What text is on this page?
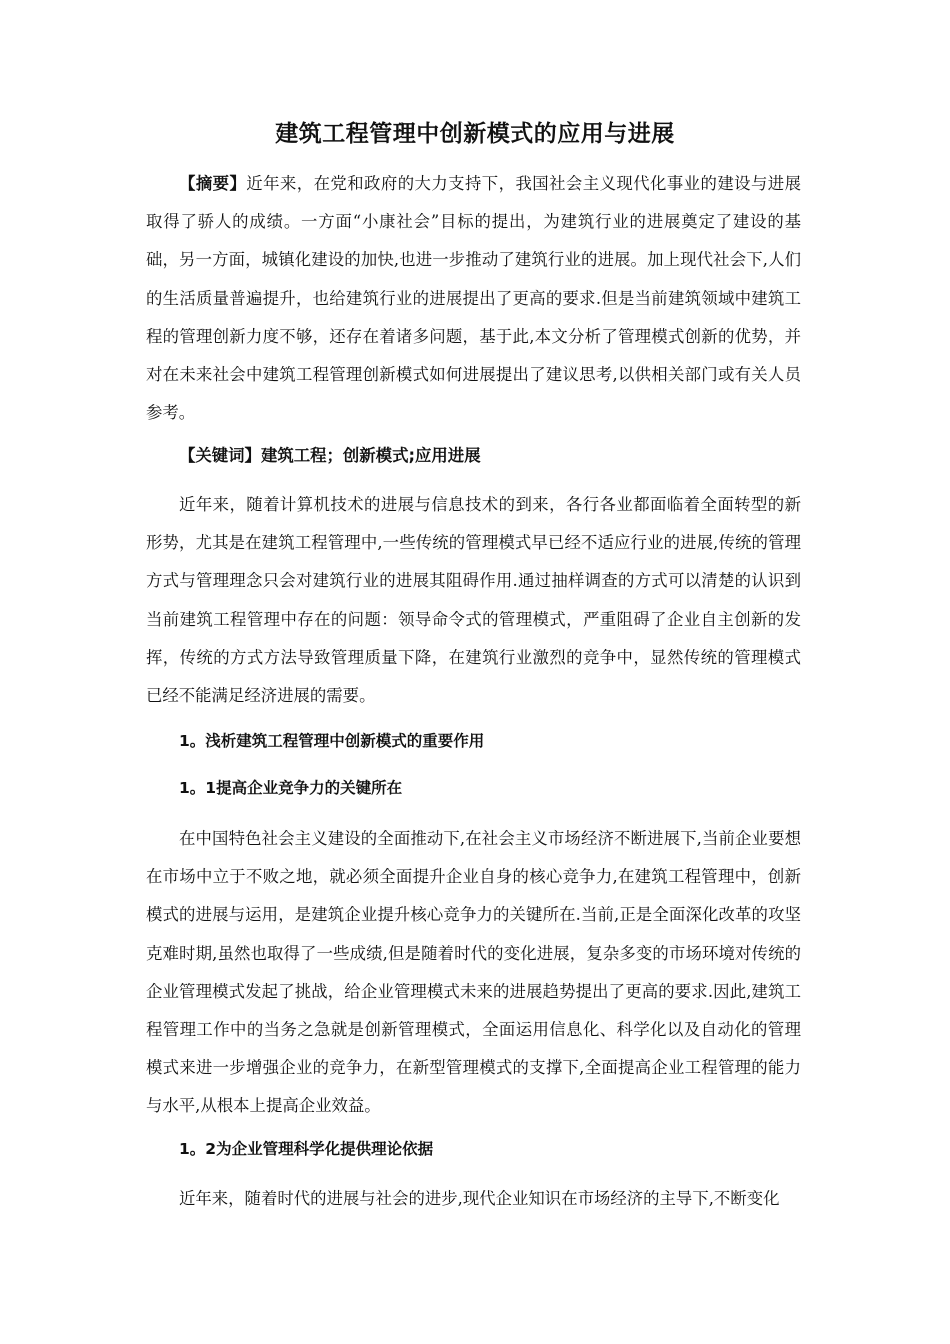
建筑工程管理中创新模式的应用与进展

【摘要】近年来，在党和政府的大力支持下，我国社会主义现代化事业的建设与进展取得了骄人的成绩。一方面“小康社会”目标的提出，为建筑行业的进展奠定了建设的基础，另一方面，城镇化建设的加快,也进一步推动了建筑行业的进展。加上现代社会下,人们的生活质量普遍提升，也给建筑行业的进展提出了更高的要求.但是当前建筑领域中建筑工程的管理创新力度不够，还存在着诸多问题，基于此,本文分析了管理模式创新的优势，并对在未来社会中建筑工程管理创新模式如何进展提出了建议思考,以供相关部门或有关人员参考。

【关键词】建筑工程；创新模式;应用进展

近年来，随着计算机技术的进展与信息技术的到来，各行各业都面临着全面转型的新形势，尤其是在建筑工程管理中,一些传统的管理模式早已经不适应行业的进展,传统的管理方式与管理理念只会对建筑行业的进展其阻碍作用.通过抽样调查的方式可以清楚的认识到当前建筑工程管理中存在的问题：领导命令式的管理模式，严重阻碍了企业自主创新的发挥，传统的方式方法导致管理质量下降，在建筑行业激烈的竞争中，显然传统的管理模式已经不能满足经济进展的需要。

1。浅析建筑工程管理中创新模式的重要作用
1。1提高企业竞争力的关键所在

在中国特色社会主义建设的全面推动下,在社会主义市场经济不断进展下,当前企业要想在市场中立于不败之地，就必须全面提升企业自身的核心竞争力,在建筑工程管理中，创新模式的进展与运用，是建筑企业提升核心竞争力的关键所在.当前,正是全面深化改革的攻坚克难时期,虽然也取得了一些成绩,但是随着时代的变化进展，复杂多变的市场环境对传统的企业管理模式发起了挑战，给企业管理模式未来的进展趋势提出了更高的要求.因此,建筑工程管理工作中的当务之急就是创新管理模式，全面运用信息化、科学化以及自动化的管理模式来进一步增强企业的竞争力，在新型管理模式的支撑下,全面提高企业工程管理的能力与水平,从根本上提高企业效益。

1。2为企业管理科学化提供理论依据

近年来，随着时代的进展与社会的进步,现代企业知识在市场经济的主导下,不断变化
